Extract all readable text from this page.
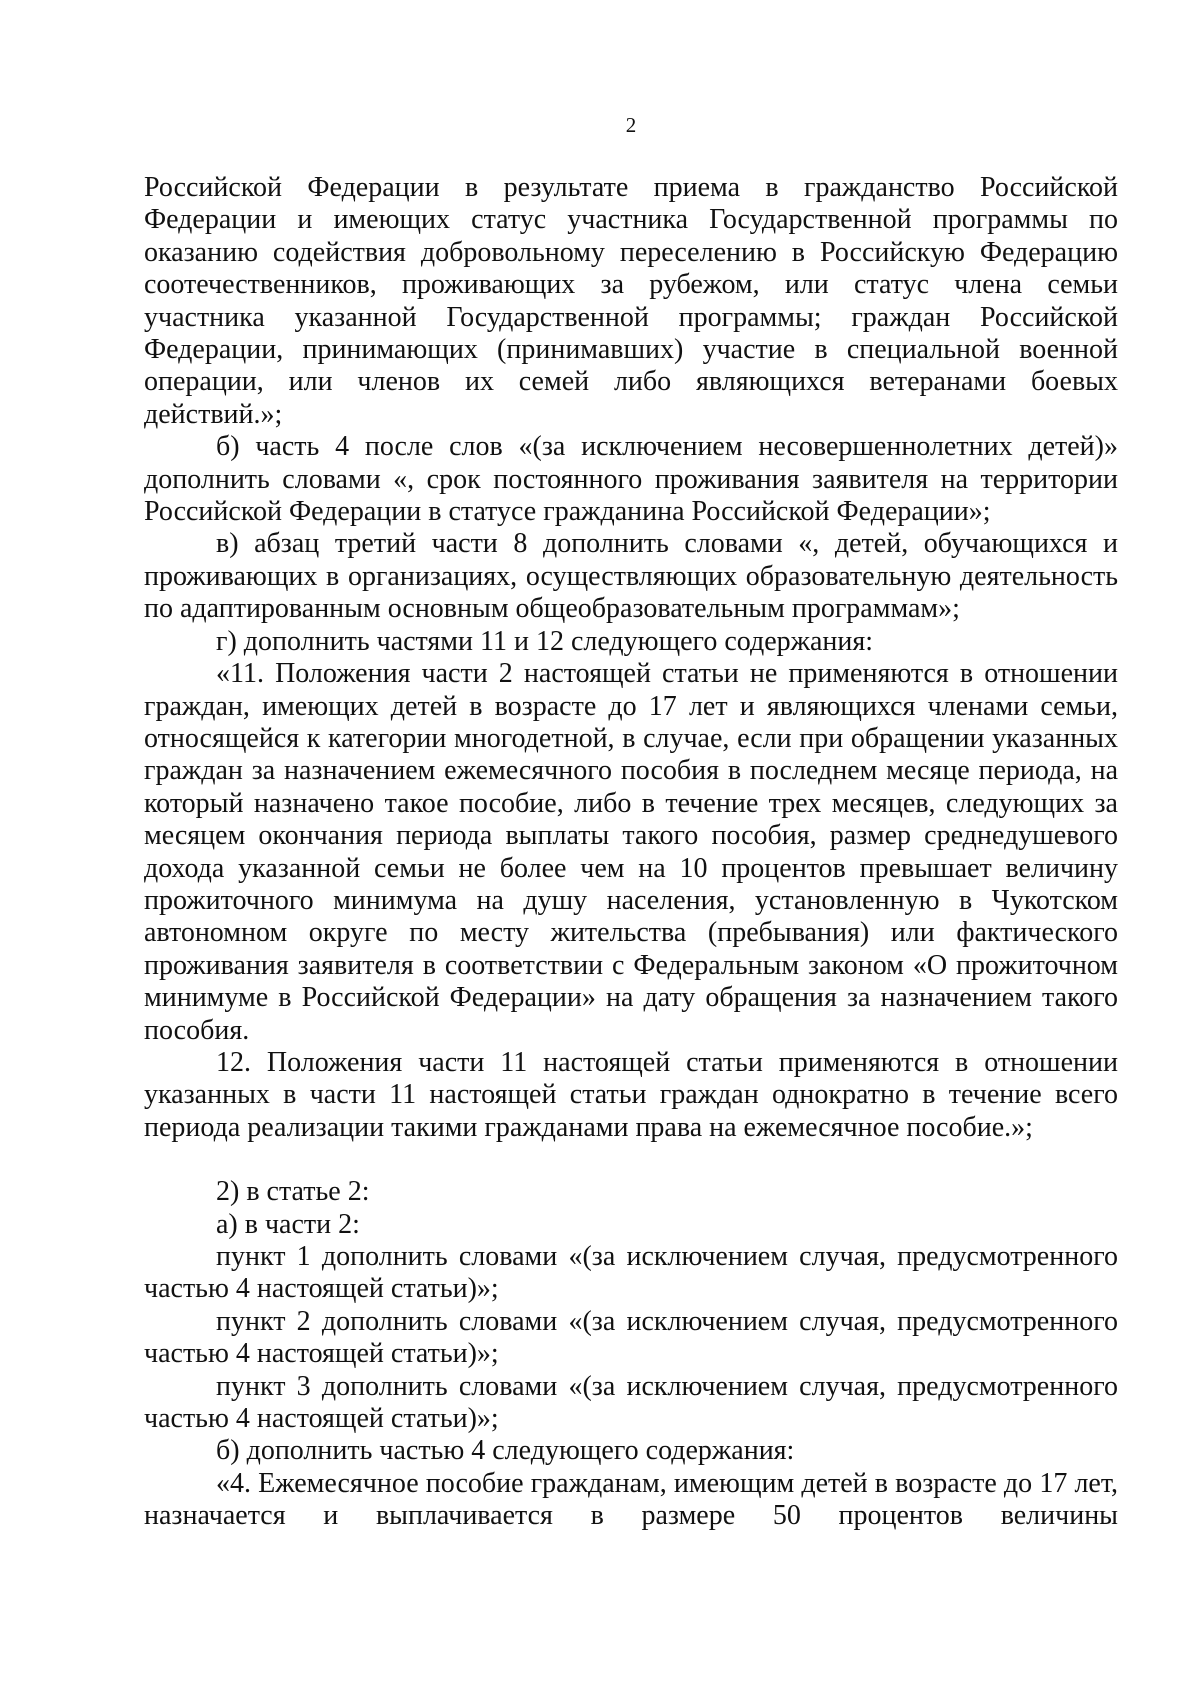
2

Российской Федерации в результате приема в гражданство Российской Федерации и имеющих статус участника Государственной программы по оказанию содействия добровольному переселению в Российскую Федерацию соотечественников, проживающих за рубежом, или статус члена семьи участника указанной Государственной программы; граждан Российской Федерации, принимающих (принимавших) участие в специальной военной операции, или членов их семей либо являющихся ветеранами боевых действий.»;

б) часть 4 после слов «(за исключением несовершеннолетних детей)» дополнить словами «, срок постоянного проживания заявителя на территории Российской Федерации в статусе гражданина Российской Федерации»;

в) абзац третий части 8 дополнить словами «, детей, обучающихся и проживающих в организациях, осуществляющих образовательную деятельность по адаптированным основным общеобразовательным программам»;

г) дополнить частями 11 и 12 следующего содержания:

«11. Положения части 2 настоящей статьи не применяются в отношении граждан, имеющих детей в возрасте до 17 лет и являющихся членами семьи, относящейся к категории многодетной, в случае, если при обращении указанных граждан за назначением ежемесячного пособия в последнем месяце периода, на который назначено такое пособие, либо в течение трех месяцев, следующих за месяцем окончания периода выплаты такого пособия, размер среднедушевого дохода указанной семьи не более чем на 10 процентов превышает величину прожиточного минимума на душу населения, установленную в Чукотском автономном округе по месту жительства (пребывания) или фактического проживания заявителя в соответствии с Федеральным законом «О прожиточном минимуме в Российской Федерации» на дату обращения за назначением такого пособия.

12. Положения части 11 настоящей статьи применяются в отношении указанных в части 11 настоящей статьи граждан однократно в течение всего периода реализации такими гражданами права на ежемесячное пособие.»;

2) в статье 2:

а) в части 2:

пункт 1 дополнить словами «(за исключением случая, предусмотренного частью 4 настоящей статьи)»;

пункт 2 дополнить словами «(за исключением случая, предусмотренного частью 4 настоящей статьи)»;

пункт 3 дополнить словами «(за исключением случая, предусмотренного частью 4 настоящей статьи)»;

б) дополнить частью 4 следующего содержания:

«4. Ежемесячное пособие гражданам, имеющим детей в возрасте до 17 лет, назначается и выплачивается в размере 50 процентов величины
